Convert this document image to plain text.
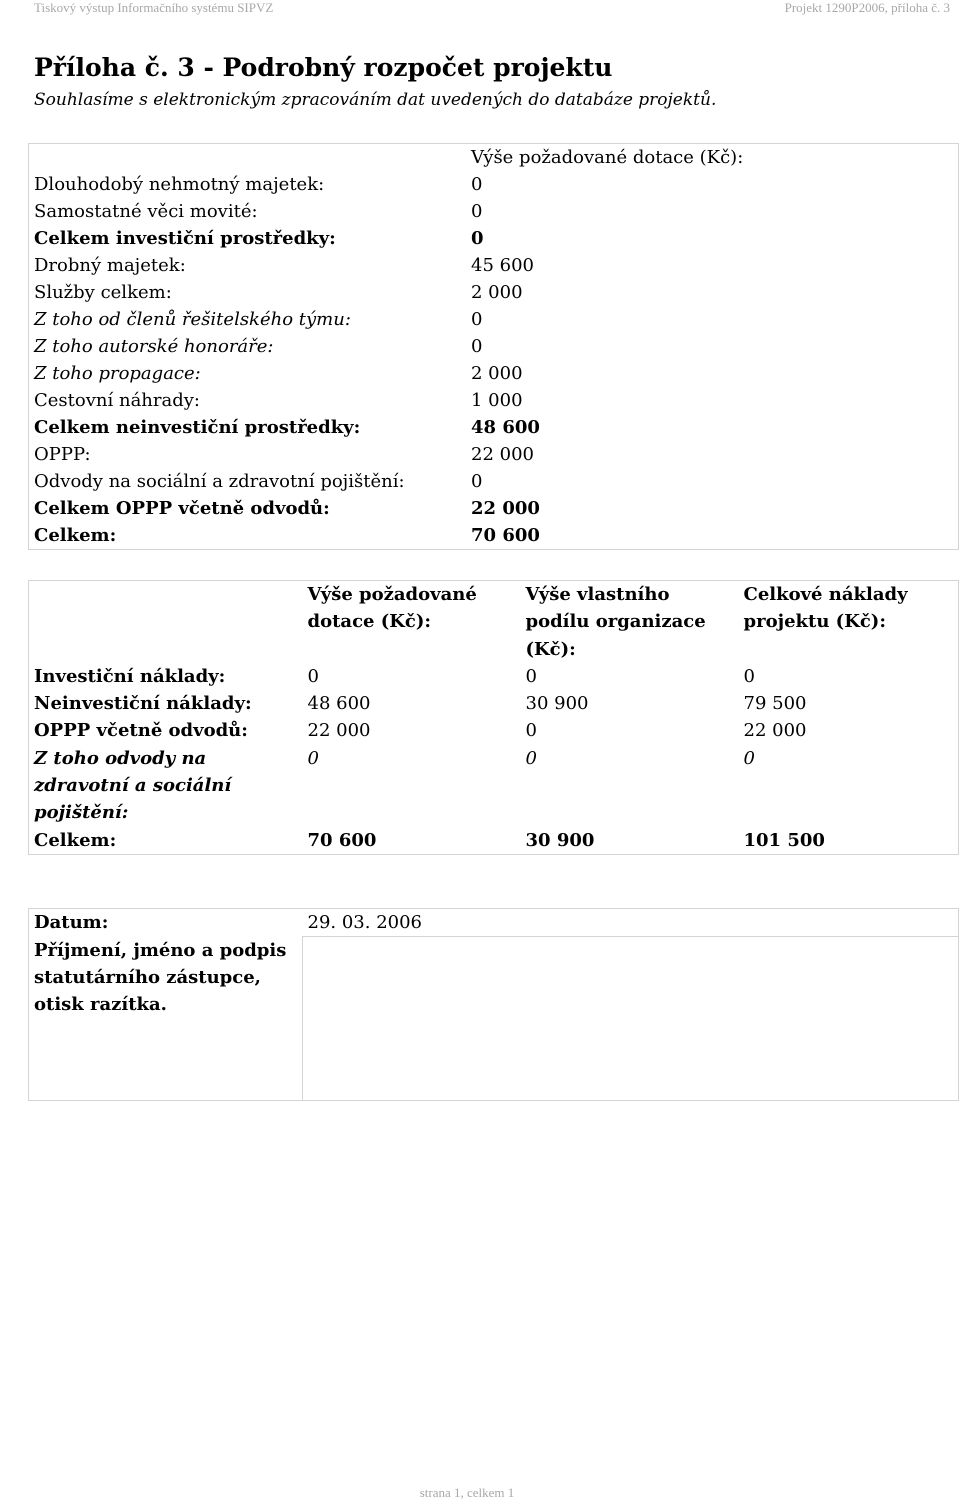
Tiskový výstup Informačního systému SIPVZ	Projekt 1290P2006, příloha č. 3
Příloha č. 3 - Podrobný rozpočet projektu
Souhlasíme s elektronickým zpracováním dat uvedených do databáze projektů.
	Výše požadované dotace (Kč):
Dlouhodobý nehmotný majetek:	0
Samostatné věci movité:	0
Celkem investiční prostředky:	0
Drobný majetek:	45 600
Služby celkem:	2 000
Z toho od členů řešitelského týmu:	0
Z toho autorské honoráře:	0
Z toho propagace:	2 000
Cestovní náhrady:	1 000
Celkem neinvestiční prostředky:	48 600
OPPP:	22 000
Odvody na sociální a zdravotní pojištění:	0
Celkem OPPP včetně odvodů:	22 000
Celkem:	70 600
	Výše požadované dotace (Kč):	Výše vlastního podílu organizace (Kč):	Celkové náklady projektu (Kč):
Investiční náklady:	0	0	0
Neinvestiční náklady:	48 600	30 900	79 500
OPPP včetně odvodů:	22 000	0	22 000
Z toho odvody na zdravotní a sociální pojištění:	0	0	0
Celkem:	70 600	30 900	101 500
Datum:	29. 03. 2006
Příjmení, jméno a podpis statutárního zástupce, otisk razítka.	
strana 1, celkem 1
